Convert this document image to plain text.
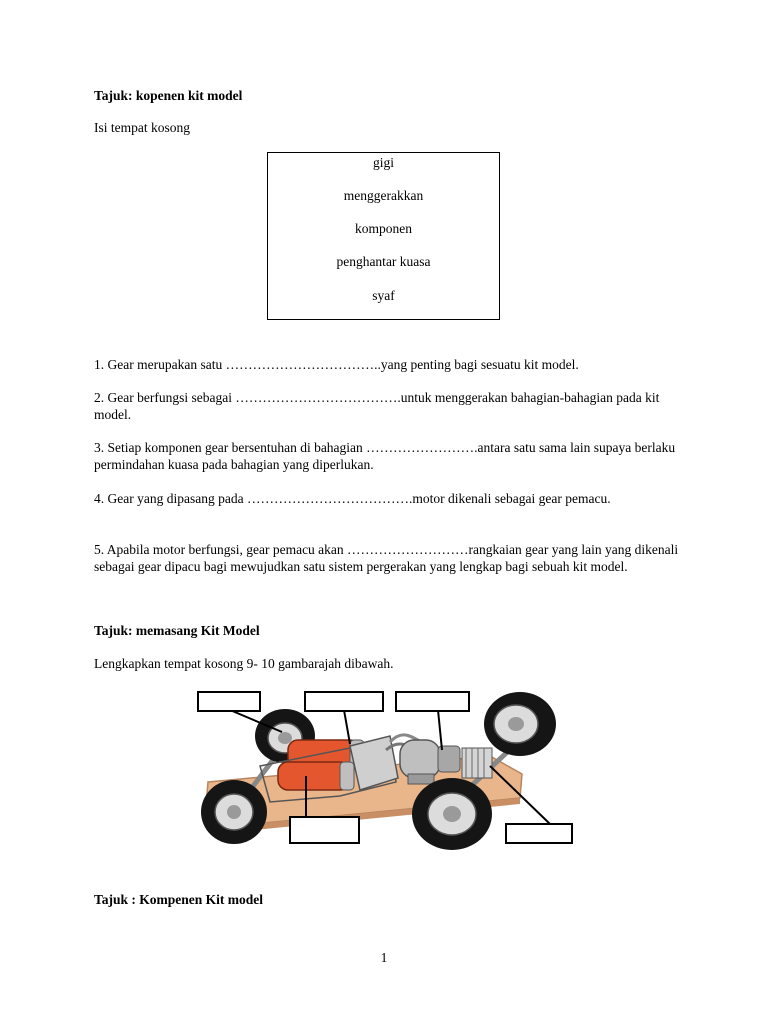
Tajuk: kopenen kit model
Isi tempat kosong
gigi
menggerakkan
komponen
penghantar kuasa
syaf
1. Gear merupakan satu ……………………………..yang penting bagi sesuatu kit model.
2. Gear berfungsi sebagai ……………………………….untuk menggerakan bahagian-bahagian pada kit model.
3. Setiap komponen gear bersentuhan di bahagian …………………….antara satu sama lain supaya berlaku permindahan kuasa pada bahagian yang diperlukan.
4. Gear yang dipasang pada ……………………………….motor dikenali sebagai gear pemacu.
5. Apabila motor berfungsi, gear pemacu akan ………………………rangkaian gear yang lain yang dikenali sebagai gear dipacu bagi mewujudkan satu sistem pergerakan yang lengkap bagi sebuah kit model.
Tajuk: memasang Kit Model
Lengkapkan tempat kosong 9- 10 gambarajah dibawah.
Tajuk : Kompenen Kit model
1
